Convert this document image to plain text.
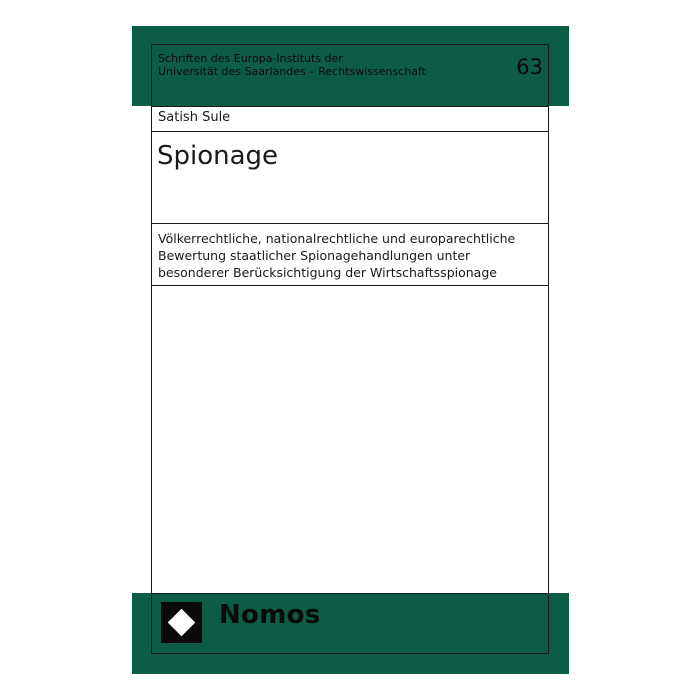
Schriften des Europa-Instituts der
Universität des Saarlandes – Rechtswissenschaft	63
Satish Sule
Spionage
Völkerrechtliche, nationalrechtliche und europarechtliche Bewertung staatlicher Spionagehandlungen unter besonderer Berücksichtigung der Wirtschaftsspionage
Nomos
